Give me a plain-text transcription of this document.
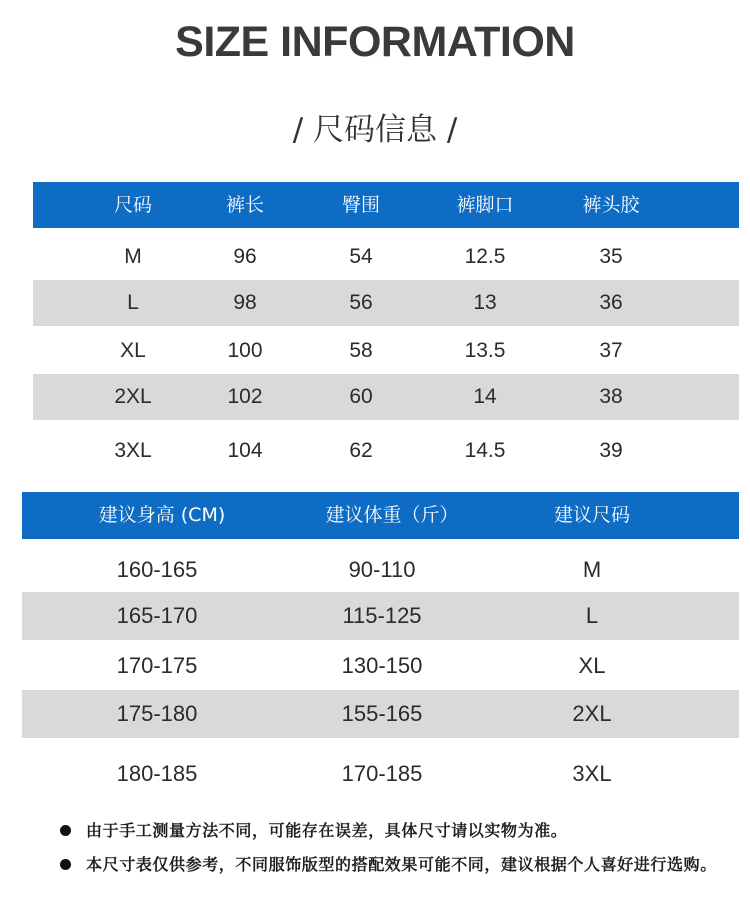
SIZE INFORMATION
/ 尺码信息 /
尺码	裤长	臀围	裤脚口	裤头胶
M	96	54	12.5	35
L	98	56	13	36
XL	100	58	13.5	37
2XL	102	60	14	38
3XL	104	62	14.5	39
建议身高 (CM)	建议体重（斤）	建议尺码
160-165	90-110	M
165-170	115-125	L
170-175	130-150	XL
175-180	155-165	2XL
180-185	170-185	3XL
由于手工测量方法不同，可能存在误差，具体尺寸请以实物为准。
本尺寸表仅供参考，不同服饰版型的搭配效果可能不同，建议根据个人喜好进行选购。
